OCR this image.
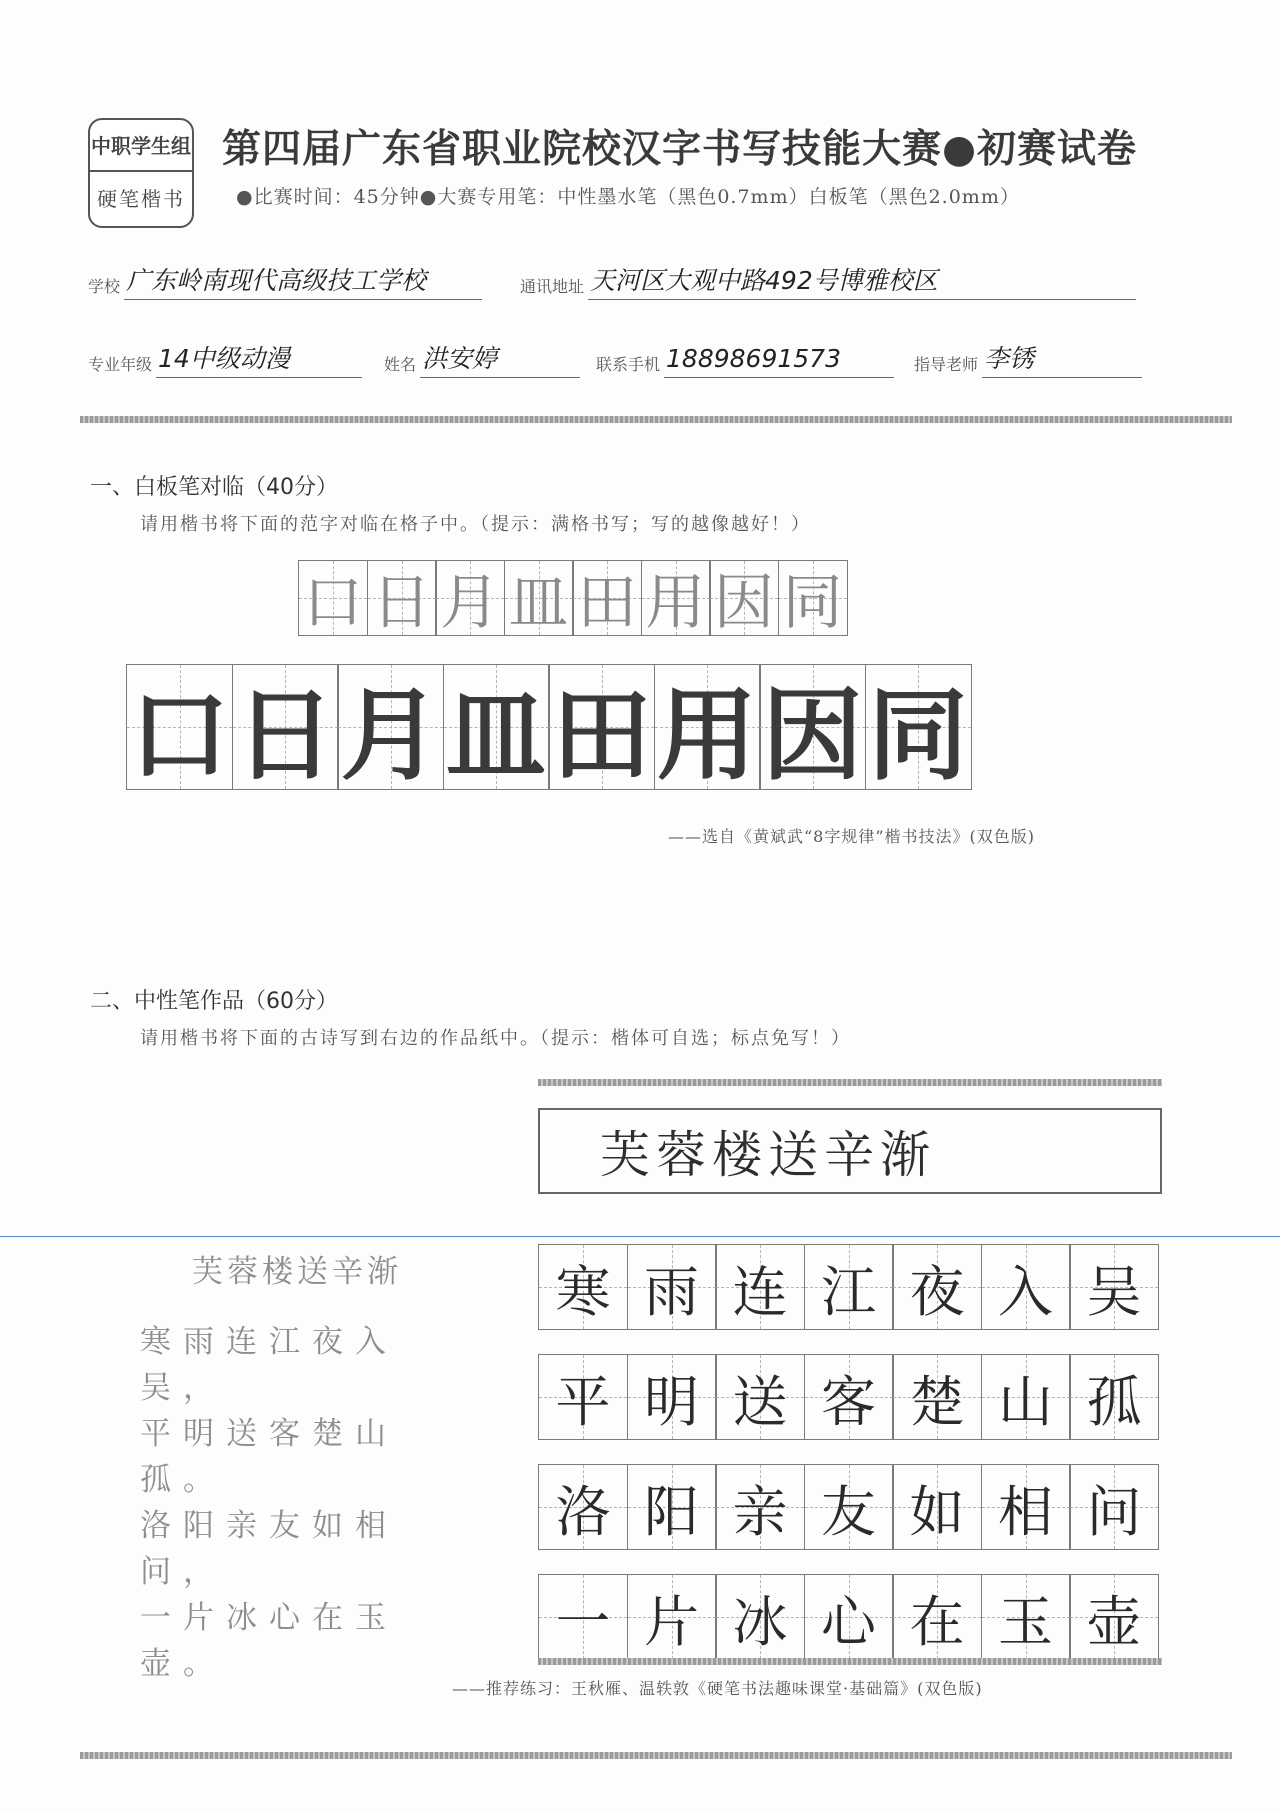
中职学生组
硬笔楷书
第四届广东省职业院校汉字书写技能大赛●初赛试卷
●比赛时间：45分钟●大赛专用笔：中性墨水笔（黑色0.7mm）白板笔（黑色2.0mm）
学校 广东岭南现代高级技工学校	通讯地址 天河区大观中路492号博雅校区
专业年级 14中级动漫	姓名 洪安婷	联系手机 18898691573	指导老师 李锈
一、白板笔对临（40分）
请用楷书将下面的范字对临在格子中。（提示：满格书写；写的越像越好！）
口 日 月 皿 田 用 因 同
口 日 月 皿 田 用 因 同
——选自《黄斌武“8字规律”楷书技法》(双色版)
二、中性笔作品（60分）
请用楷书将下面的古诗写到右边的作品纸中。（提示：楷体可自选；标点免写！）
芙蓉楼送辛渐
寒雨连江夜入吴，
平明送客楚山孤。
洛阳亲友如相问，
一片冰心在玉壶。
芙蓉楼送辛渐
寒 雨 连 江 夜 入 吴
平 明 送 客 楚 山 孤
洛 阳 亲 友 如 相 问
一 片 冰 心 在 玉 壶
——推荐练习：王秋雁、温轶敦《硬笔书法趣味课堂·基础篇》(双色版)
